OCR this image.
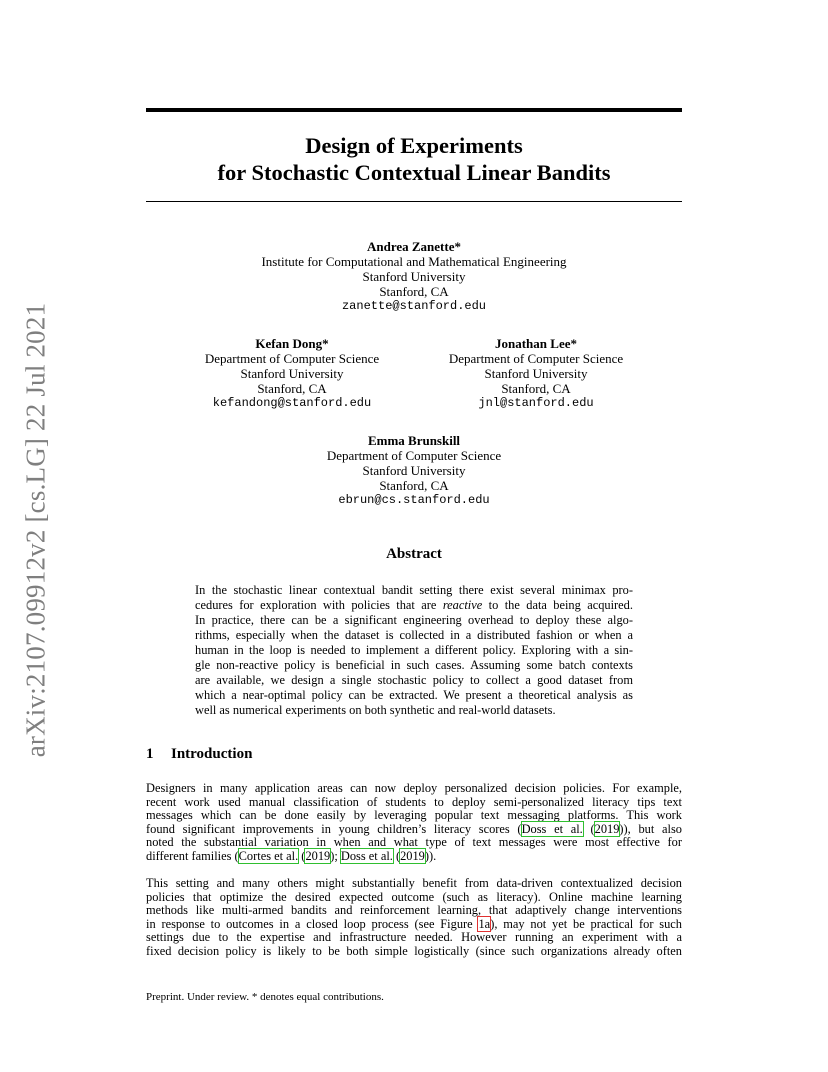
arXiv:2107.09912v2 [cs.LG] 22 Jul 2021
Design of Experiments
for Stochastic Contextual Linear Bandits
Andrea Zanette*
Institute for Computational and Mathematical Engineering
Stanford University
Stanford, CA
zanette@stanford.edu
Kefan Dong*
Department of Computer Science
Stanford University
Stanford, CA
kefandong@stanford.edu
Jonathan Lee*
Department of Computer Science
Stanford University
Stanford, CA
jnl@stanford.edu
Emma Brunskill
Department of Computer Science
Stanford University
Stanford, CA
ebrun@cs.stanford.edu
Abstract
In the stochastic linear contextual bandit setting there exist several minimax pro-
cedures for exploration with policies that are reactive to the data being acquired.
In practice, there can be a significant engineering overhead to deploy these algo-
rithms, especially when the dataset is collected in a distributed fashion or when a
human in the loop is needed to implement a different policy. Exploring with a sin-
gle non-reactive policy is beneficial in such cases. Assuming some batch contexts
are available, we design a single stochastic policy to collect a good dataset from
which a near-optimal policy can be extracted. We present a theoretical analysis as
well as numerical experiments on both synthetic and real-world datasets.
1 Introduction
Designers in many application areas can now deploy personalized decision policies. For example,
recent work used manual classification of students to deploy semi-personalized literacy tips text
messages which can be done easily by leveraging popular text messaging platforms. This work
found significant improvements in young children’s literacy scores (Doss et al. (2019)), but also
noted the substantial variation in when and what type of text messages were most effective for
different families (Cortes et al. (2019); Doss et al. (2019)).
This setting and many others might substantially benefit from data-driven contextualized decision
policies that optimize the desired expected outcome (such as literacy). Online machine learning
methods like multi-armed bandits and reinforcement learning, that adaptively change interventions
in response to outcomes in a closed loop process (see Figure 1a), may not yet be practical for such
settings due to the expertise and infrastructure needed. However running an experiment with a
fixed decision policy is likely to be both simple logistically (since such organizations already often
Preprint. Under review. * denotes equal contributions.
